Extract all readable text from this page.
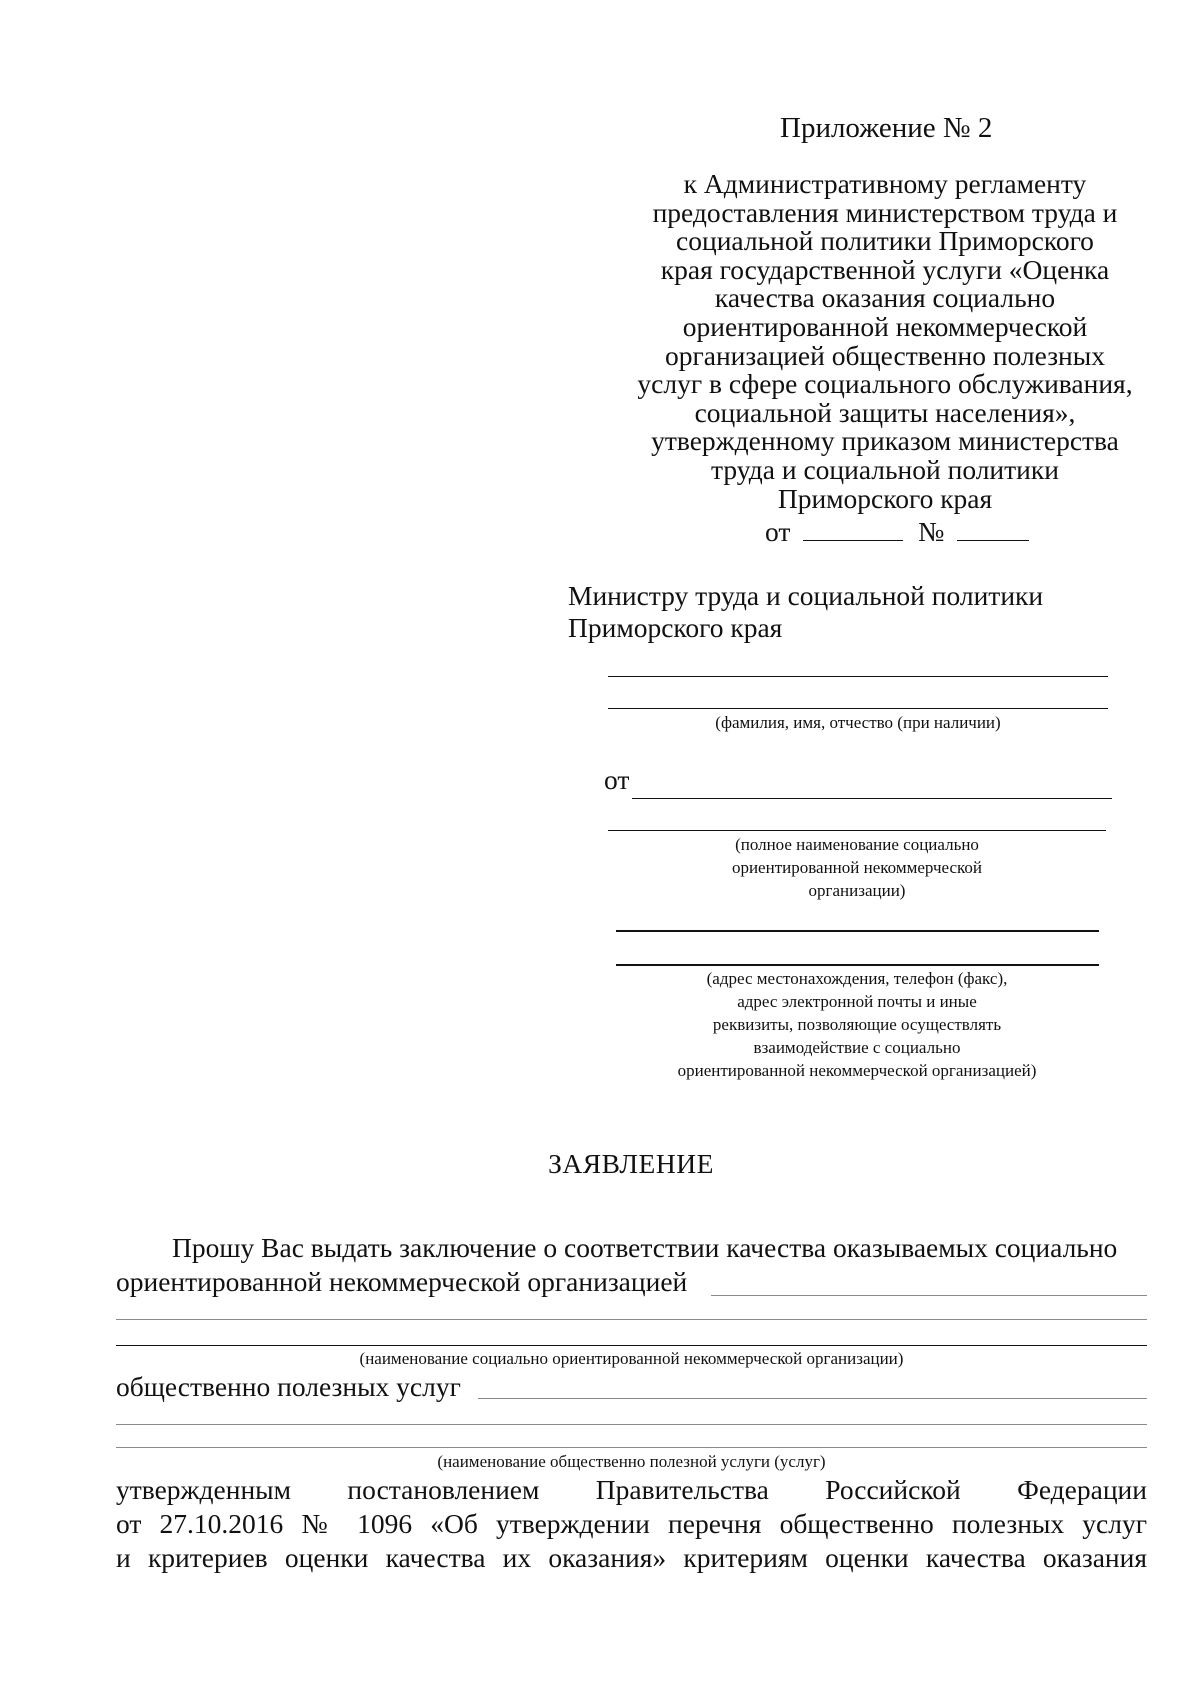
Приложение № 2
к Административному регламенту
предоставления министерством труда и
социальной политики Приморского
края государственной услуги «Оценка
качества оказания социально
ориентированной некоммерческой
организацией общественно полезных
услуг в сфере социального обслуживания,
социальной защиты населения»,
утвержденному приказом министерства
труда и социальной политики
Приморского края
от	№
Министру труда и социальной политики
Приморского края
(фамилия, имя, отчество (при наличии)
от
(полное наименование социально
ориентированной некоммерческой
организации)
(адрес местонахождения, телефон (факс),
адрес электронной почты и иные
реквизиты, позволяющие осуществлять
взаимодействие с социально
ориентированной некоммерческой организацией)
ЗАЯВЛЕНИЕ
Прошу Вас выдать заключение о соответствии качества оказываемых социально
ориентированной некоммерческой организацией
(наименование социально ориентированной некоммерческой организации)
общественно полезных услуг
(наименование общественно полезной услуги (услуг)
утвержденным постановлением Правительства Российской Федерации
от 27.10.2016 № 1096 «Об утверждении перечня общественно полезных услуг
и критериев оценки качества их оказания» критериям оценки качества оказания
